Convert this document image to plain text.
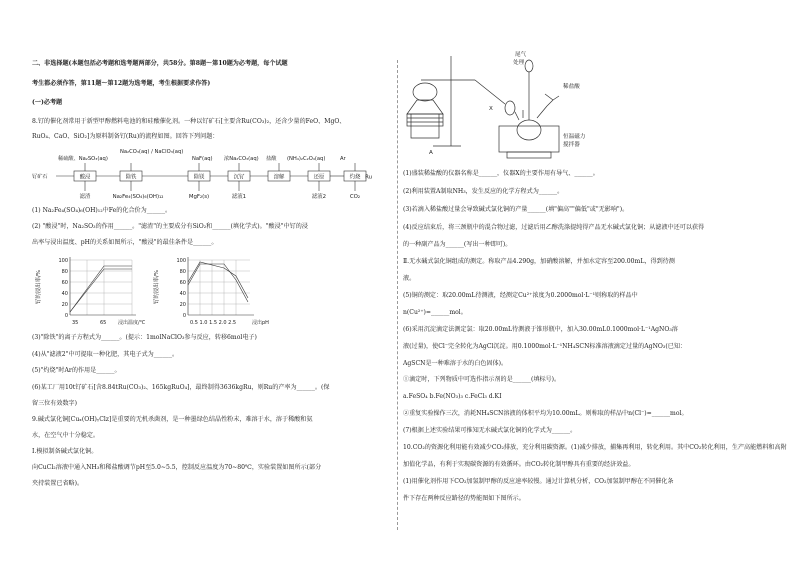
二、非选择题(本题包括必考题和选考题两部分，共58分。第8题～第10题为必考题，每个试题

考生都必须作答，第11题～第12题为选考题，考生根据要求作答)

(一)必考题

8.钌的催化剂常用于新型甲醇燃料电池的和硅酸催化剂。一种以钌矿石[主要含Ru(CO₃)₂，还含少量的FeO、MgO、

RuO₄、CaO、SiO₂]为原料制备钌(Ru)的流程如图。回答下列问题：

稀硫酸、Na₂SO₃(aq)
Na₂CO₃(aq) / NaClO₃(aq)
NaF(aq) 浓Na₂CO₃(aq) 盐酸 (NH₄)₂C₂O₄(aq)	Ar
钌矿石	酸浸	除铁	除镁	沉钌	溶解	还原	灼烧 Ru
滤渣	Na₂Fe₄(SO₄)₆(OH)₁₂	MgF₂(s)	滤液1	滤液2	CO₂

(1) Na₂Fe₄(SO₄)₆(OH)₁₂中Fe的化合价为______。

(2) "酸浸"时，Na₂SO₃的作用______。"滤渣"的主要成分有SiO₂和______(填化学式)。"酸浸"中钌的浸

出率与浸出温度、pH的关系如图所示，"酸浸"的最佳条件是______。

钌的浸出率/%
100
80
60
40
20
0
35	65 浸出温度/℃
钌的浸出率/%
100
80
60
40
20
0
0.5 1.0 1.5 2.0 2.5	浸出pH

(3)"除铁"的离子方程式为______。(提示：1molNaClO₃参与反应，转移6mol电子)

(4)从"滤液2"中可提取一种化肥，其电子式为______。

(5)"灼烧"时Ar的作用是______。

(6)某工厂用10t钌矿石[含8.84tRu(CO₃)₂、165kgRuO₄]，最终制得3636kgRu，则Ru的产率为______。(保

留三位有效数字)

9.碱式氯化铜[Cuₓ(OH)ᵧClz]是重要的无机杀菌剂，是一种墨绿色结晶性粉末，难溶于水，溶于稀酸和氨

水，在空气中十分稳定。

Ⅰ.模拟制备碱式氯化铜。

向CuCl₂溶液中通入NH₃和稀盐酸调节pH至5.0~5.5，控制反应温度为70~80℃，实验装置如图所示(部分

夹持装置已省略)。

A
X
尾气
处理
稀盐酸
恒温磁力
搅拌器

(1)盛装稀盐酸的仪器名称是______，仪器X的主要作用有导气、______。

(2)利用装置A制取NH₃，发生反应的化学方程式为______。

(3)若滴入稀盐酸过量会导致碱式氯化铜的产量______(填"偏高""偏低"或"无影响")。

(4)反应结束后，将三颈瓶中的混合物过滤，过滤后用乙醇洗涤提纯得产品无水碱式氯化铜；从滤液中还可以获得

的一种副产品为______(写出一种即可)。

Ⅱ.无水碱式氯化铜组成的测定。称取产品4.290g，加硝酸溶解，并加水定容至200.00mL，得到待测

液。

(5)铜的测定：取20.00mL待测液，经测定Cu²⁺浓度为0.2000mol·L⁻¹则称取的样品中

n(Cu²⁺)=______mol。

(6)采用沉淀滴定法测定氯：取20.00mL待测液于锥形瓶中，加入30.00mL0.1000mol·L⁻¹AgNO₃溶

液(过量)，使Cl⁻完全转化为AgCl沉淀。用0.1000mol·L⁻¹NH₄SCN标准溶液滴定过量的AgNO₃(已知：

AgSCN是一种难溶于水的白色固体)。

①滴定时，下列物质中可选作指示剂的是______(填标号)。

a.FeSO₄ b.Fe(NO₃)₃ c.FeCl₃ d.KI

②重复实验操作三次，消耗NH₄SCN溶液的体积平均为10.00mL。则称取的样品中n(Cl⁻)=______mol。

(7)根据上述实验结果可推知无水碱式氯化铜的化学式为______。

10.CO₂的资源化利用能有效减少CO₂排放，充分利用碳资源。(1)减少排放，捕集再利用，转化利用。其中CO₂转化利用，生产高能燃料和高附

加值化学品，有利于实现碳资源的有效循环。由CO₂转化制甲醇具有重要的经济效益。

(1)用催化剂作用下CO₂加氢制甲醇的反应速率较慢。通过计算机分析，CO₂加氢制甲醇在不同催化条

件下存在两种反应路径的势能图如下图所示。
